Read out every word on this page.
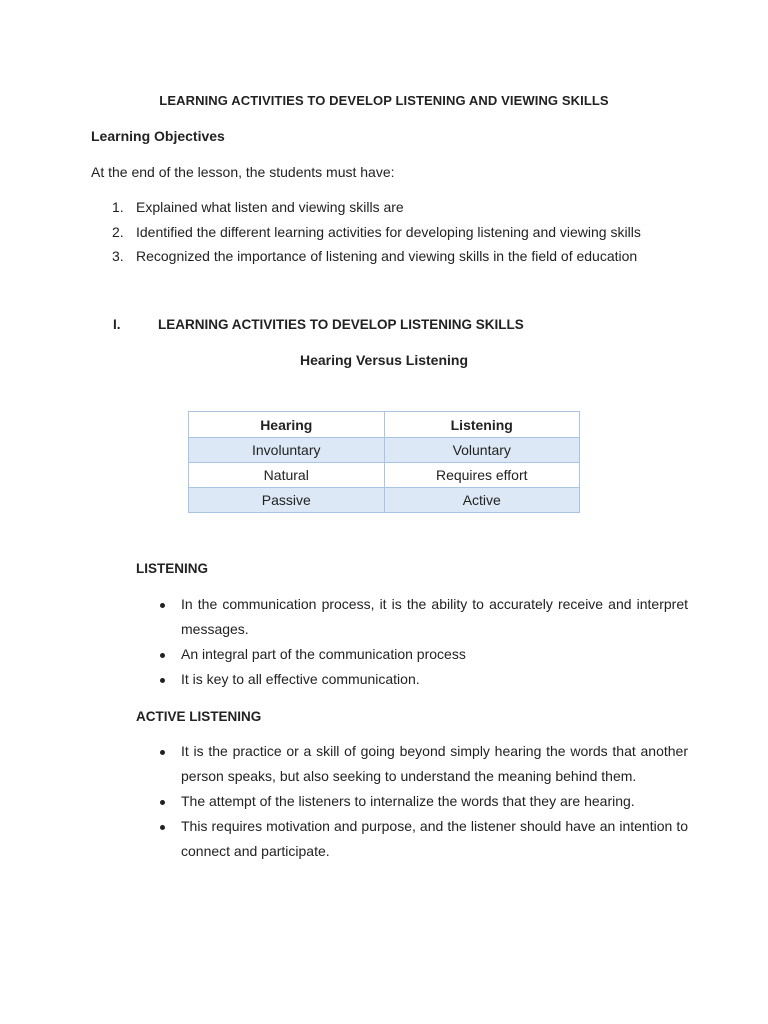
LEARNING ACTIVITIES TO DEVELOP LISTENING AND VIEWING SKILLS
Learning Objectives
At the end of the lesson, the students must have:
1. Explained what listen and viewing skills are
2. Identified the different learning activities for developing listening and viewing skills
3. Recognized the importance of listening and viewing skills in the field of education
I.	LEARNING ACTIVITIES TO DEVELOP LISTENING SKILLS
Hearing Versus Listening
Hearing	Listening
Involuntary	Voluntary
Natural	Requires effort
Passive	Active
LISTENING
In the communication process, it is the ability to accurately receive and interpret messages.
An integral part of the communication process
It is key to all effective communication.
ACTIVE LISTENING
It is the practice or a skill of going beyond simply hearing the words that another person speaks, but also seeking to understand the meaning behind them.
The attempt of the listeners to internalize the words that they are hearing.
This requires motivation and purpose, and the listener should have an intention to connect and participate.
